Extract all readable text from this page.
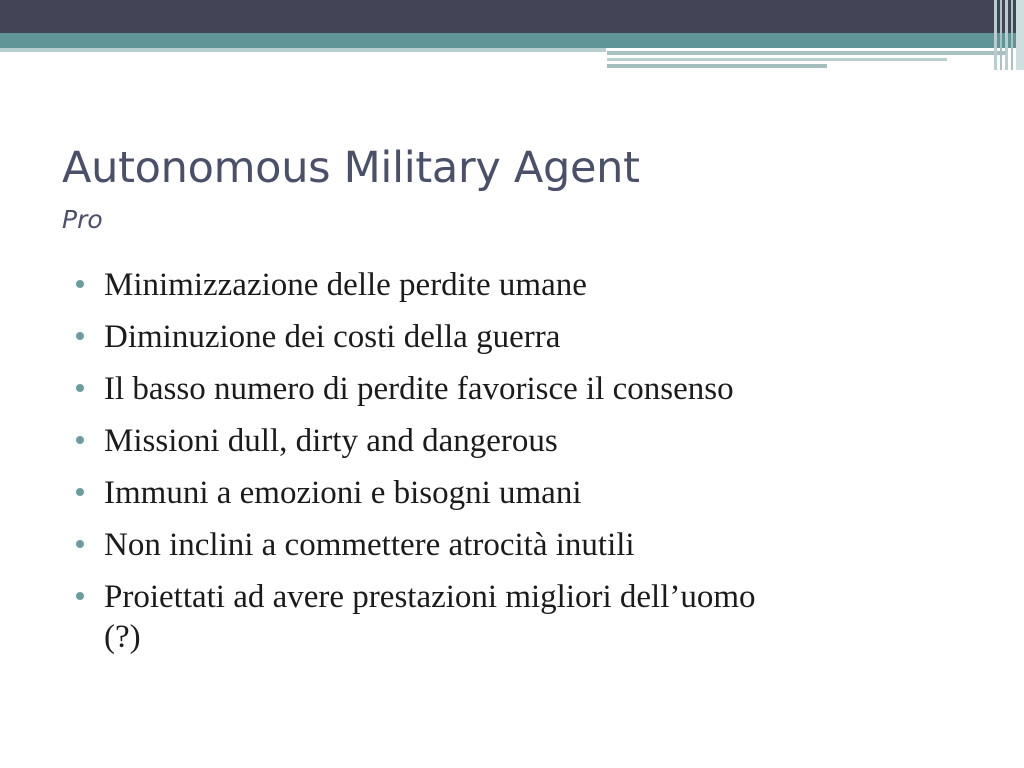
Autonomous Military Agent
Pro
Minimizzazione delle perdite umane
Diminuzione dei costi della guerra
Il basso numero di perdite favorisce il consenso
Missioni dull, dirty and dangerous
Immuni a emozioni e bisogni umani
Non inclini a commettere atrocità inutili
Proiettati ad avere prestazioni migliori dell’uomo (?)
